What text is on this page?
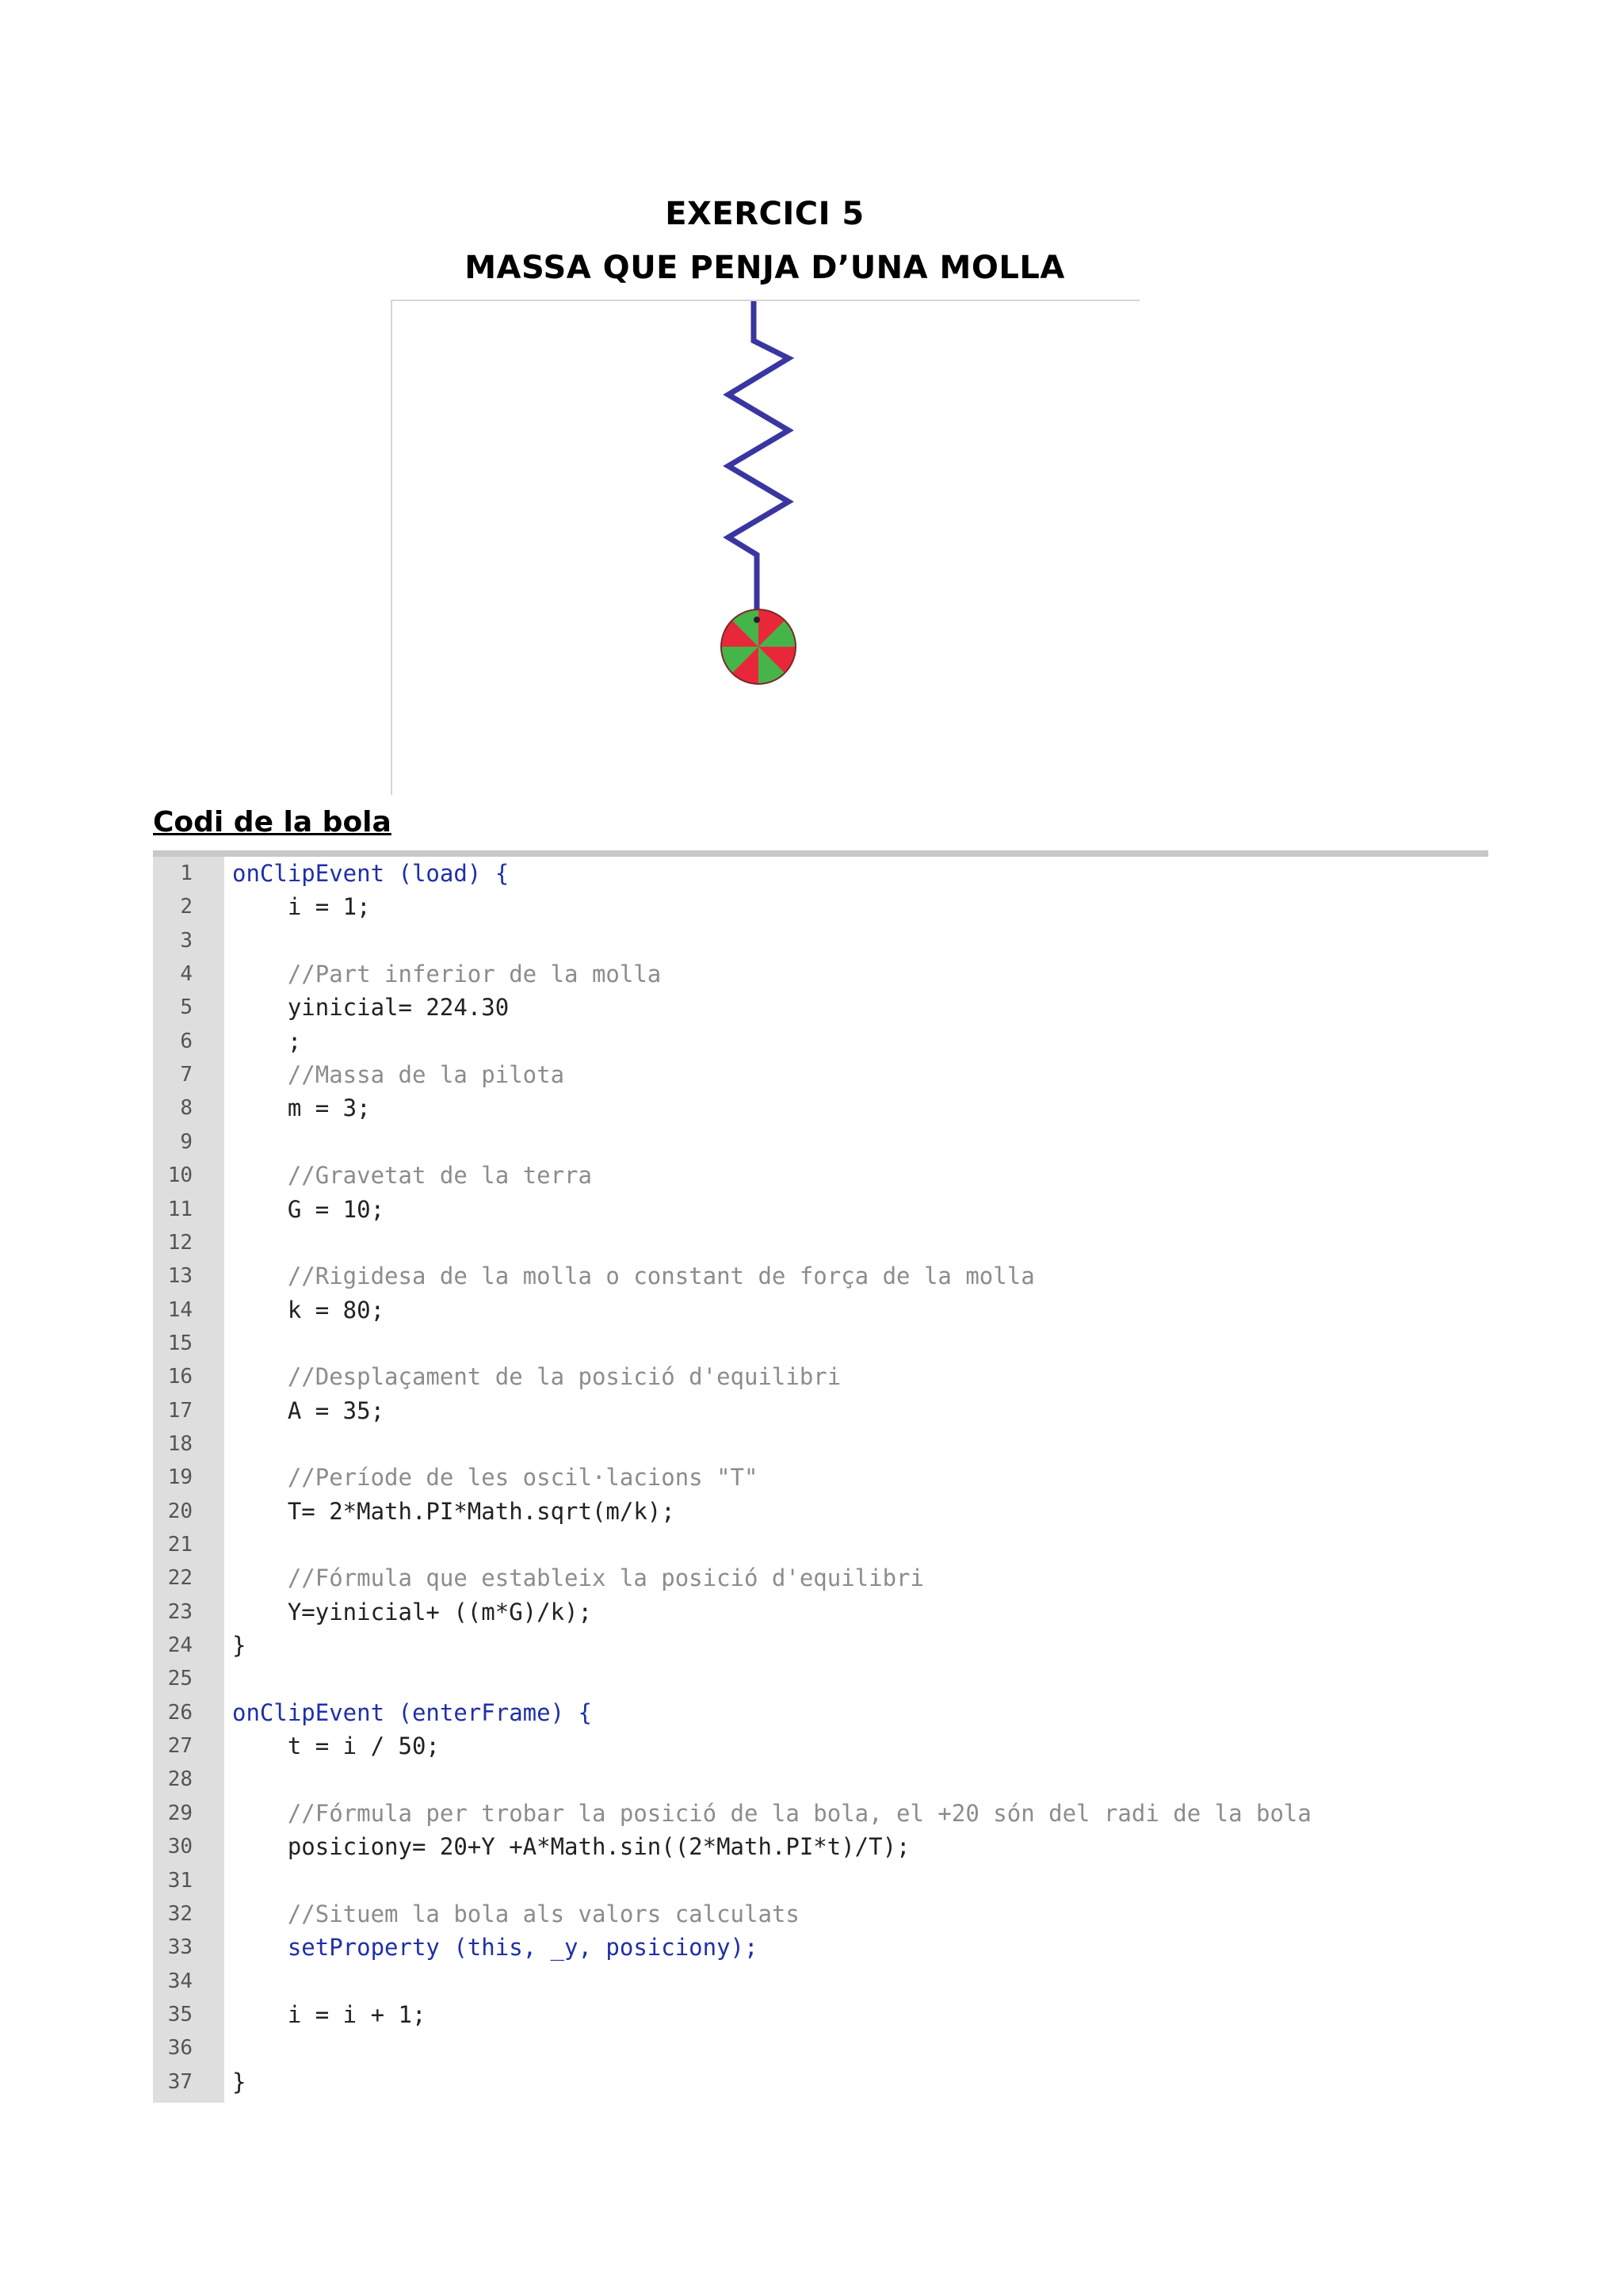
EXERCICI 5
MASSA QUE PENJA D’UNA MOLLA
Codi de la bola
1 onClipEvent (load) {
2 i = 1;
3
4 //Part inferior de la molla
5 yinicial= 224.30
6 ;
7 //Massa de la pilota
8 m = 3;
9
10 //Gravetat de la terra
11 G = 10;
12
13 //Rigidesa de la molla o constant de força de la molla
14 k = 80;
15
16 //Desplaçament de la posició d'equilibri
17 A = 35;
18
19 //Període de les oscil·lacions "T"
20 T= 2*Math.PI*Math.sqrt(m/k);
21
22 //Fórmula que estableix la posició d'equilibri
23 Y=yinicial+ ((m*G)/k);
24 }
25
26 onClipEvent (enterFrame) {
27 t = i / 50;
28
29 //Fórmula per trobar la posició de la bola, el +20 són del radi de la bola
30 posiciony= 20+Y +A*Math.sin((2*Math.PI*t)/T);
31
32 //Situem la bola als valors calculats
33 setProperty (this, _y, posiciony);
34
35 i = i + 1;
36
37 }
